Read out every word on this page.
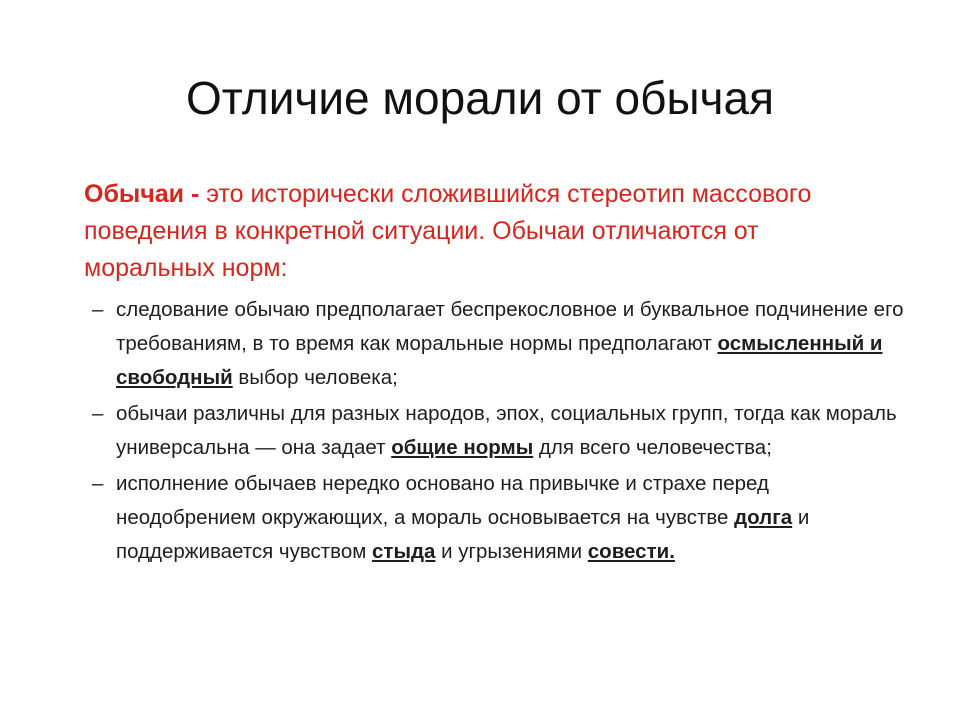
Отличие морали от обычая
Обычаи - это исторически сложившийся стереотип массового поведения в конкретной ситуации. Обычаи отличаются от моральных норм:
– следование обычаю предполагает беспрекословное и буквальное подчинение его требованиям, в то время как моральные нормы предполагают осмысленный и свободный выбор человека;
– обычаи различны для разных народов, эпох, социальных групп, тогда как мораль универсальна — она задает общие нормы для всего человечества;
– исполнение обычаев нередко основано на привычке и страхе перед неодобрением окружающих, а мораль основывается на чувстве долга и поддерживается чувством стыда и угрызениями совести.
